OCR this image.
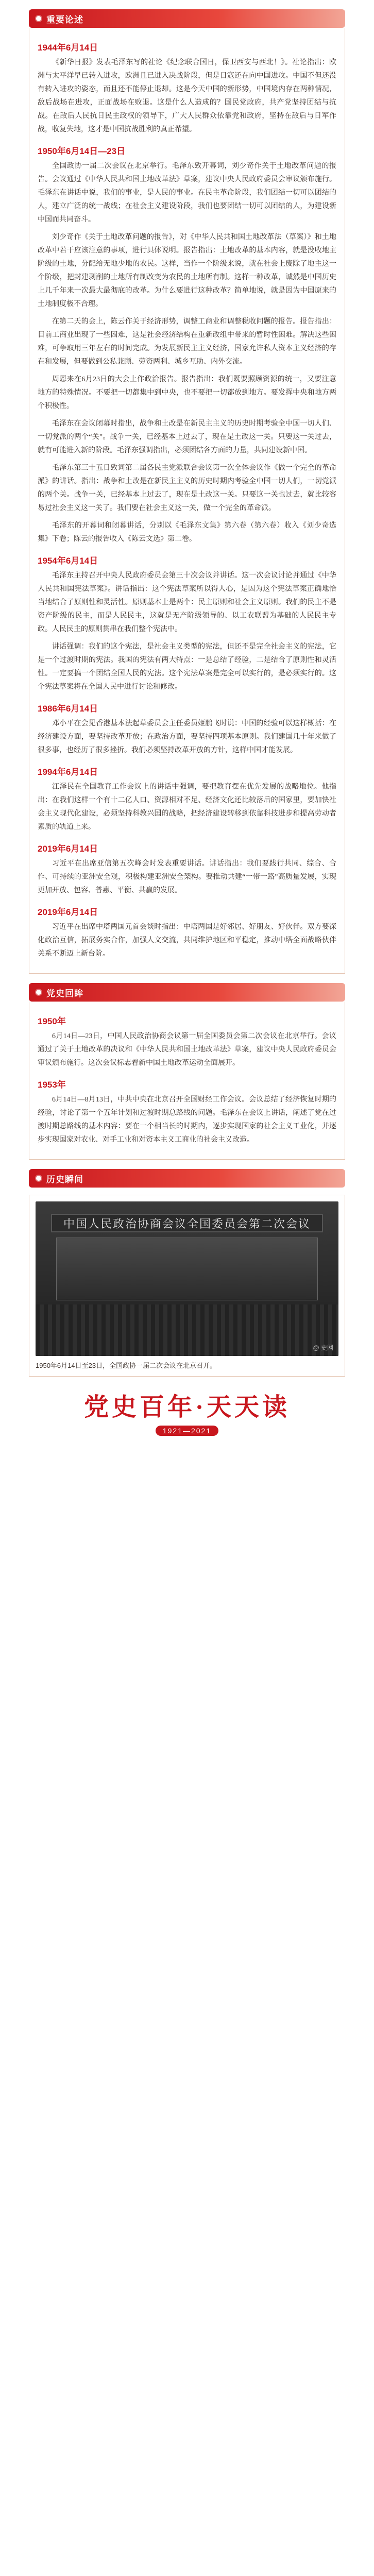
重要论述
1944年6月14日

《新华日报》发表毛泽东写的社论《纪念联合国日，保卫西安与西北！》。社论指出：欧洲与太平洋早已转入进攻，欧洲且已进入决战阶段，但是日寇还在向中国进攻。中国不但还没有转入进攻的姿态，而且还不能停止退却。这是今天中国的新形势，中国境内存在两种情况，敌后战场在进攻，正面战场在败退。这是什么人造成的？国民党政府，共产党坚持团结与抗战。在敌后人民抗日民主政权的领导下，广大人民群众依靠党和政府，坚持在敌后与日军作战，收复失地，这才是中国抗战胜利的真正希望。

1950年6月14日—23日

全国政协一届二次会议在北京举行。毛泽东致开幕词，刘少奇作关于土地改革问题的报告。会议通过《中华人民共和国土地改革法》草案，建议中央人民政府委员会审议颁布施行。毛泽东在讲话中说，我们的事业，是人民的事业。在民主革命阶段，我们团结一切可以团结的人，建立广泛的统一战线；在社会主义建设阶段，我们也要团结一切可以团结的人，为建设新中国而共同奋斗。

刘少奇作《关于土地改革问题的报告》，对《中华人民共和国土地改革法（草案）》和土地改革中若干应该注意的事项，进行具体说明。报告指出：土地改革的基本内容，就是没收地主阶级的土地，分配给无地少地的农民。这样，当作一个阶级来说，就在社会上废除了地主这一个阶级，把封建剥削的土地所有制改变为农民的土地所有制。这样一种改革，诚然是中国历史上几千年来一次最大最彻底的改革。为什么要进行这种改革？简单地说，就是因为中国原来的土地制度极不合理。

在第二天的会上，陈云作关于经济形势，调整工商业和调整税收问题的报告。报告指出：目前工商业出现了一些困难，这是社会经济结构在重新改组中带来的暂时性困难。解决这些困难，可争取用三年左右的时间完成。为发展新民主主义经济，国家允许私人资本主义经济的存在和发展，但要做到公私兼顾、劳资两利、城乡互助、内外交流。

周恩来在6月23日的大会上作政治报告。报告指出：我们既要照顾资源的统一，又要注意地方的特殊情况。不要把一切都集中到中央，也不要把一切都放到地方。要发挥中央和地方两个积极性。

毛泽东在会议闭幕时指出，战争和土改是在新民主主义的历史时期考验全中国一切人们、一切党派的两个“关”。战争一关，已经基本上过去了，现在是土改这一关。只要这一关过去，就有可能进入新的阶段。毛泽东强调指出，必须团结各方面的力量，共同建设新中国。

毛泽东第三十五日致词第二届各民主党派联合会议第一次全体会议作《做一个完全的革命派》的讲话。指出：战争和土改是在新民主主义的历史时期内考验全中国一切人们，一切党派的两个关。战争一关，已经基本上过去了，现在是土改这一关。只要这一关也过去，就比较容易过社会主义这一关了。我们要在社会主义这一关，做一个完全的革命派。

毛泽东的开幕词和闭幕讲话，分别以《毛泽东文集》第六卷（第六卷）收入《刘少奇选集》下卷；陈云的报告收入《陈云文选》第二卷。

1954年6月14日

毛泽东主持召开中央人民政府委员会第三十次会议并讲话。这一次会议讨论并通过《中华人民共和国宪法草案》。讲话指出：这个宪法草案所以得人心，是因为这个宪法草案正确地恰当地结合了原则性和灵活性。原则基本上是两个：民主原则和社会主义原则。我们的民主不是资产阶级的民主，而是人民民主，这就是无产阶级领导的、以工农联盟为基础的人民民主专政。人民民主的原则贯串在我们整个宪法中。

讲话强调：我们的这个宪法，是社会主义类型的宪法，但还不是完全社会主义的宪法，它是一个过渡时期的宪法。我国的宪法有两大特点：一是总结了经验，二是结合了原则性和灵活性。一定要搞一个团结全国人民的宪法。这个宪法草案是完全可以实行的，是必须实行的。这个宪法草案将在全国人民中进行讨论和修改。

1986年6月14日

邓小平在会见香港基本法起草委员会主任委员姬鹏飞时说：中国的经验可以这样概括：在经济建设方面，要坚持改革开放；在政治方面，要坚持四项基本原则。我们建国几十年来做了很多事，也经历了很多挫折。我们必须坚持改革开放的方针，这样中国才能发展。

1994年6月14日

江泽民在全国教育工作会议上的讲话中强调，要把教育摆在优先发展的战略地位。他指出：在我们这样一个有十二亿人口、资源相对不足、经济文化还比较落后的国家里，要加快社会主义现代化建设，必须坚持科教兴国的战略，把经济建设转移到依靠科技进步和提高劳动者素质的轨道上来。

2019年6月14日

习近平在出席亚信第五次峰会时发表重要讲话。讲话指出：我们要践行共同、综合、合作、可持续的亚洲安全观，积极构建亚洲安全架构。要推动共建“一带一路”高质量发展，实现更加开放、包容、普惠、平衡、共赢的发展。

2019年6月14日

习近平在出席中塔两国元首会谈时指出：中塔两国是好邻居、好朋友、好伙伴。双方要深化政治互信，拓展务实合作，加强人文交流，共同维护地区和平稳定，推动中塔全面战略伙伴关系不断迈上新台阶。

党史回眸
1950年

6月14日—23日，中国人民政治协商会议第一届全国委员会第二次会议在北京举行。会议通过了关于土地改革的决议和《中华人民共和国土地改革法》草案，建议中央人民政府委员会审议颁布施行。这次会议标志着新中国土地改革运动全面展开。

1953年

6月14日—8月13日，中共中央在北京召开全国财经工作会议。会议总结了经济恢复时期的经验，讨论了第一个五年计划和过渡时期总路线的问题。毛泽东在会议上讲话，阐述了党在过渡时期总路线的基本内容：要在一个相当长的时期内，逐步实现国家的社会主义工业化，并逐步实现国家对农业、对手工业和对资本主义工商业的社会主义改造。

历史瞬间
中国人民政治协商会议全国委员会第二次会议
@ 史网
1950年6月14日至23日，全国政协一届二次会议在北京召开。
党史百年·天天读
1921—2021
